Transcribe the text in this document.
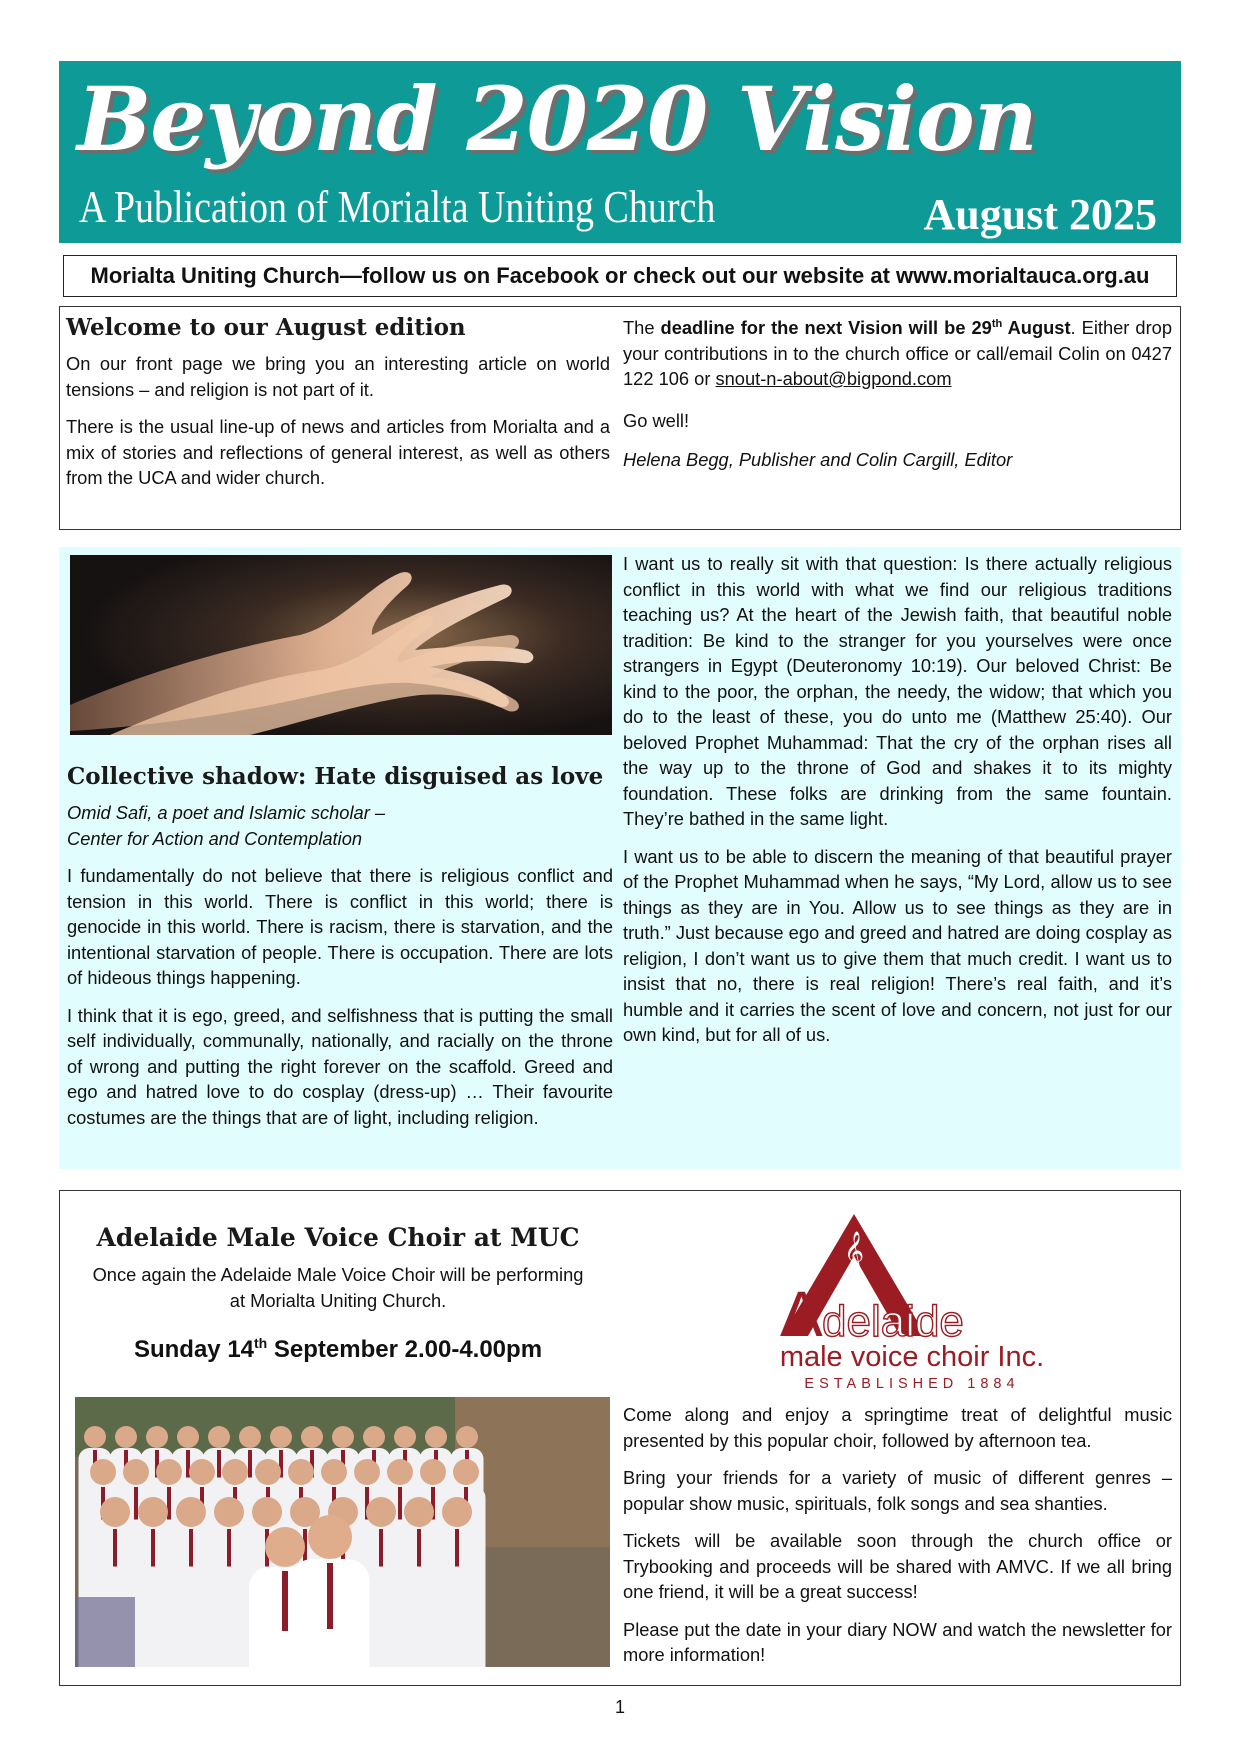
Beyond 2020 Vision
A Publication of Morialta Uniting Church	August 2025
Morialta Uniting Church—follow us on Facebook or check out our website at www.morialtauca.org.au
Welcome to our August edition

On our front page we bring you an interesting article on world tensions – and religion is not part of it.

There is the usual line-up of news and articles from Morialta and a mix of stories and reflections of general interest, as well as others from the UCA and wider church.

The deadline for the next Vision will be 29th August. Either drop your contributions in to the church office or call/email Colin on 0427 122 106 or snout-n-about@bigpond.com

Go well!

Helena Begg, Publisher and Colin Cargill, Editor

Collective shadow: Hate disguised as love
Omid Safi, a poet and Islamic scholar –
Center for Action and Contemplation

I fundamentally do not believe that there is religious conflict and tension in this world. There is conflict in this world; there is genocide in this world. There is racism, there is starvation, and the intentional starvation of people. There is occupation. There are lots of hideous things happening.

I think that it is ego, greed, and selfishness that is putting the small self individually, communally, nationally, and racially on the throne of wrong and putting the right forever on the scaffold. Greed and ego and hatred love to do cosplay (dress-up) … Their favourite costumes are the things that are of light, including religion.

I want us to really sit with that question: Is there actually religious conflict in this world with what we find our religious traditions teaching us? At the heart of the Jewish faith, that beautiful noble tradition: Be kind to the stranger for you yourselves were once strangers in Egypt (Deuteronomy 10:19). Our beloved Christ: Be kind to the poor, the orphan, the needy, the widow; that which you do to the least of these, you do unto me (Matthew 25:40). Our beloved Prophet Muhammad: That the cry of the orphan rises all the way up to the throne of God and shakes it to its mighty foundation. These folks are drinking from the same fountain. They’re bathed in the same light.

I want us to be able to discern the meaning of that beautiful prayer of the Prophet Muhammad when he says, “My Lord, allow us to see things as they are in You. Allow us to see things as they are in truth.” Just because ego and greed and hatred are doing cosplay as religion, I don’t want us to give them that much credit. I want us to insist that no, there is real religion! There’s real faith, and it’s humble and it carries the scent of love and concern, not just for our own kind, but for all of us.

Adelaide Male Voice Choir at MUC
Once again the Adelaide Male Voice Choir will be performing at Morialta Uniting Church.
Sunday 14th September 2.00-4.00pm
𝄞
A delaide
male voice choir Inc.
ESTABLISHED 1884

Come along and enjoy a springtime treat of delightful music presented by this popular choir, followed by afternoon tea.

Bring your friends for a variety of music of different genres – popular show music, spirituals, folk songs and sea shanties.

Tickets will be available soon through the church office or Trybooking and proceeds will be shared with AMVC. If we all bring one friend, it will be a great success!

Please put the date in your diary NOW and watch the newsletter for more information!

1
